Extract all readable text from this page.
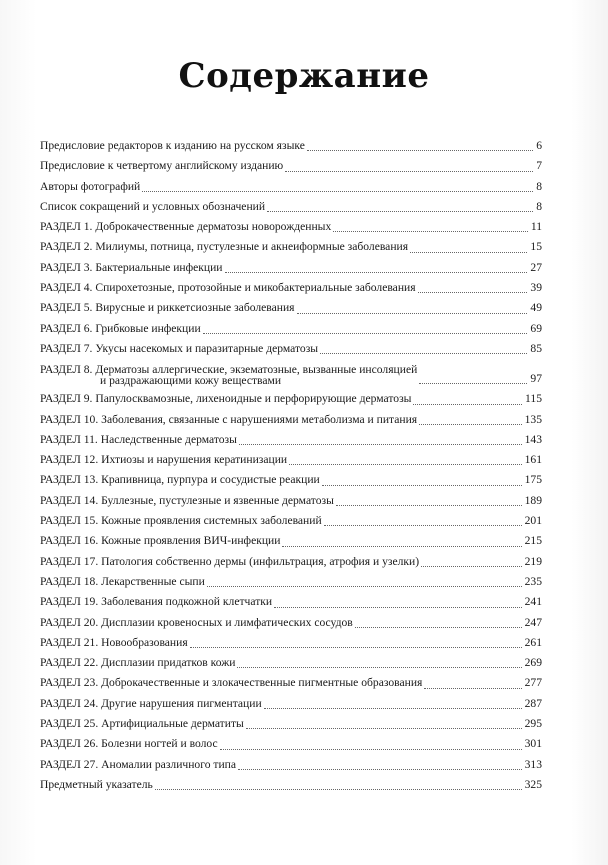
Содержание
Предисловие редакторов к изданию на русском языке	6
Предисловие к четвертому английскому изданию	7
Авторы фотографий	8
Список сокращений и условных обозначений	8
РАЗДЕЛ 1. Доброкачественные дерматозы новорожденных	11
РАЗДЕЛ 2. Милиумы, потница, пустулезные и акнеиформные заболевания	15
РАЗДЕЛ 3. Бактериальные инфекции	27
РАЗДЕЛ 4. Спирохетозные, протозойные и микобактериальные заболевания	39
РАЗДЕЛ 5. Вирусные и риккетсиозные заболевания	49
РАЗДЕЛ 6. Грибковые инфекции	69
РАЗДЕЛ 7. Укусы насекомых и паразитарные дерматозы	85
РАЗДЕЛ 8. Дерматозы аллергические, экзематозные, вызванные инсоляцией
и раздражающими кожу веществами	97
РАЗДЕЛ 9. Папулосквамозные, лихеноидные и перфорирующие дерматозы	115
РАЗДЕЛ 10. Заболевания, связанные с нарушениями метаболизма и питания	135
РАЗДЕЛ 11. Наследственные дерматозы	143
РАЗДЕЛ 12. Ихтиозы и нарушения кератинизации	161
РАЗДЕЛ 13. Крапивница, пурпура и сосудистые реакции	175
РАЗДЕЛ 14. Буллезные, пустулезные и язвенные дерматозы	189
РАЗДЕЛ 15. Кожные проявления системных заболеваний	201
РАЗДЕЛ 16. Кожные проявления ВИЧ-инфекции	215
РАЗДЕЛ 17. Патология собственно дермы (инфильтрация, атрофия и узелки)	219
РАЗДЕЛ 18. Лекарственные сыпи	235
РАЗДЕЛ 19. Заболевания подкожной клетчатки	241
РАЗДЕЛ 20. Дисплазии кровеносных и лимфатических сосудов	247
РАЗДЕЛ 21. Новообразования	261
РАЗДЕЛ 22. Дисплазии придатков кожи	269
РАЗДЕЛ 23. Доброкачественные и злокачественные пигментные образования	277
РАЗДЕЛ 24. Другие нарушения пигментации	287
РАЗДЕЛ 25. Артифициальные дерматиты	295
РАЗДЕЛ 26. Болезни ногтей и волос	301
РАЗДЕЛ 27. Аномалии различного типа	313
Предметный указатель	325
